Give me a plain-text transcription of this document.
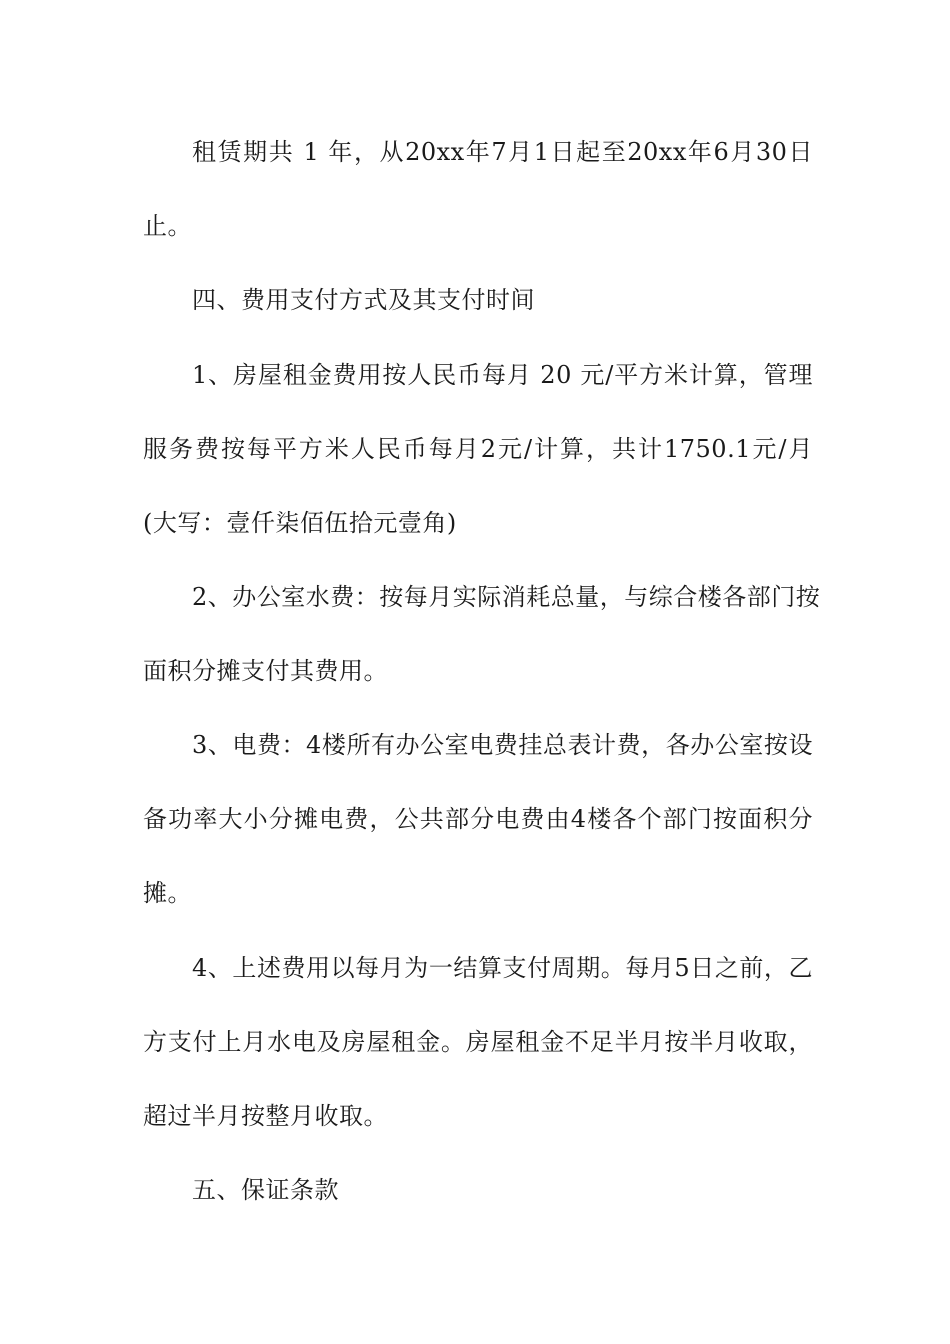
租赁期共 1 年，从20xx年7月1日起至20xx年6月30日
止。
四、费用支付方式及其支付时间
1、房屋租金费用按人民币每月 20 元/平方米计算，管理
服务费按每平方米人民币每月2元/计算，共计1750.1元/月
(大写：壹仟柒佰伍拾元壹角)
2、办公室水费：按每月实际消耗总量，与综合楼各部门按
面积分摊支付其费用。
3、电费：4楼所有办公室电费挂总表计费，各办公室按设
备功率大小分摊电费，公共部分电费由4楼各个部门按面积分
摊。
4、上述费用以每月为一结算支付周期。每月5日之前，乙
方支付上月水电及房屋租金。房屋租金不足半月按半月收取，
超过半月按整月收取。
五、保证条款
